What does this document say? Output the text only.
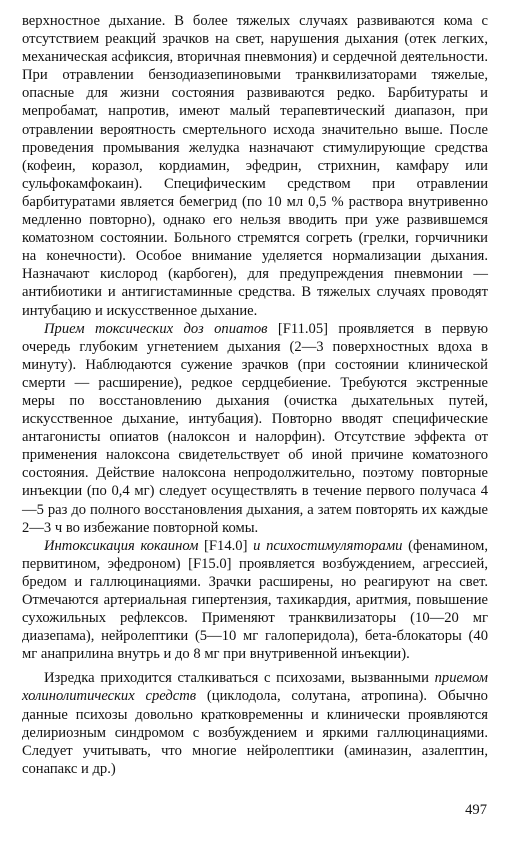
верхностное дыхание. В более тяжелых случаях развиваются кома с отсутствием реакций зрачков на свет, нарушения дыхания (отек легких, механическая асфиксия, вторичная пневмония) и сердечной деятельности. При отравлении бензодиазепиновыми транквилизаторами тяжелые, опасные для жизни состояния развиваются редко. Барбитураты и мепробамат, напротив, имеют малый терапевтический диапазон, при отравлении вероятность смертельного исхода значительно выше. После проведения промывания желудка назначают стимулирующие средства (кофеин, коразол, кордиамин, эфедрин, стрихнин, камфару или сульфокамфокаин). Специфическим средством при отравлении барбитуратами является бемегрид (по 10 мл 0,5 % раствора внутривенно медленно повторно), однако его нельзя вводить при уже развившемся коматозном состоянии. Больного стремятся согреть (грелки, горчичники на конечности). Особое внимание уделяется нормализации дыхания. Назначают кислород (карбоген), для предупреждения пневмонии — антибиотики и антигистаминные средства. В тяжелых случаях проводят интубацию и искусственное дыхание.

Прием токсических доз опиатов [F11.05] проявляется в первую очередь глубоким угнетением дыхания (2—3 поверхностных вдоха в минуту). Наблюдаются сужение зрачков (при состоянии клинической смерти — расширение), редкое сердцебиение. Требуются экстренные меры по восстановлению дыхания (очистка дыхательных путей, искусственное дыхание, интубация). Повторно вводят специфические антагонисты опиатов (налоксон и налорфин). Отсутствие эффекта от применения налоксона свидетельствует об иной причине коматозного состояния. Действие налоксона непродолжительно, поэтому повторные инъекции (по 0,4 мг) следует осуществлять в течение первого получаса 4—5 раз до полного восстановления дыхания, а затем повторять их каждые 2—3 ч во избежание повторной комы.

Интоксикация кокаином [F14.0] и психостимуляторами (фенамином, первитином, эфедроном) [F15.0] проявляется возбуждением, агрессией, бредом и галлюцинациями. Зрачки расширены, но реагируют на свет. Отмечаются артериальная гипертензия, тахикардия, аритмия, повышение сухожильных рефлексов. Применяют транквилизаторы (10—20 мг диазепама), нейролептики (5—10 мг галоперидола), бета-блокаторы (40 мг анаприлина внутрь и до 8 мг при внутривенной инъекции).

Изредка приходится сталкиваться с психозами, вызванными приемом холинолитических средств (циклодола, солутана, атропина). Обычно данные психозы довольно кратковременны и клинически проявляются делириозным синдромом с возбуждением и яркими галлюцинациями. Следует учитывать, что многие нейролептики (аминазин, азалептин, сонапакс и др.)

497
